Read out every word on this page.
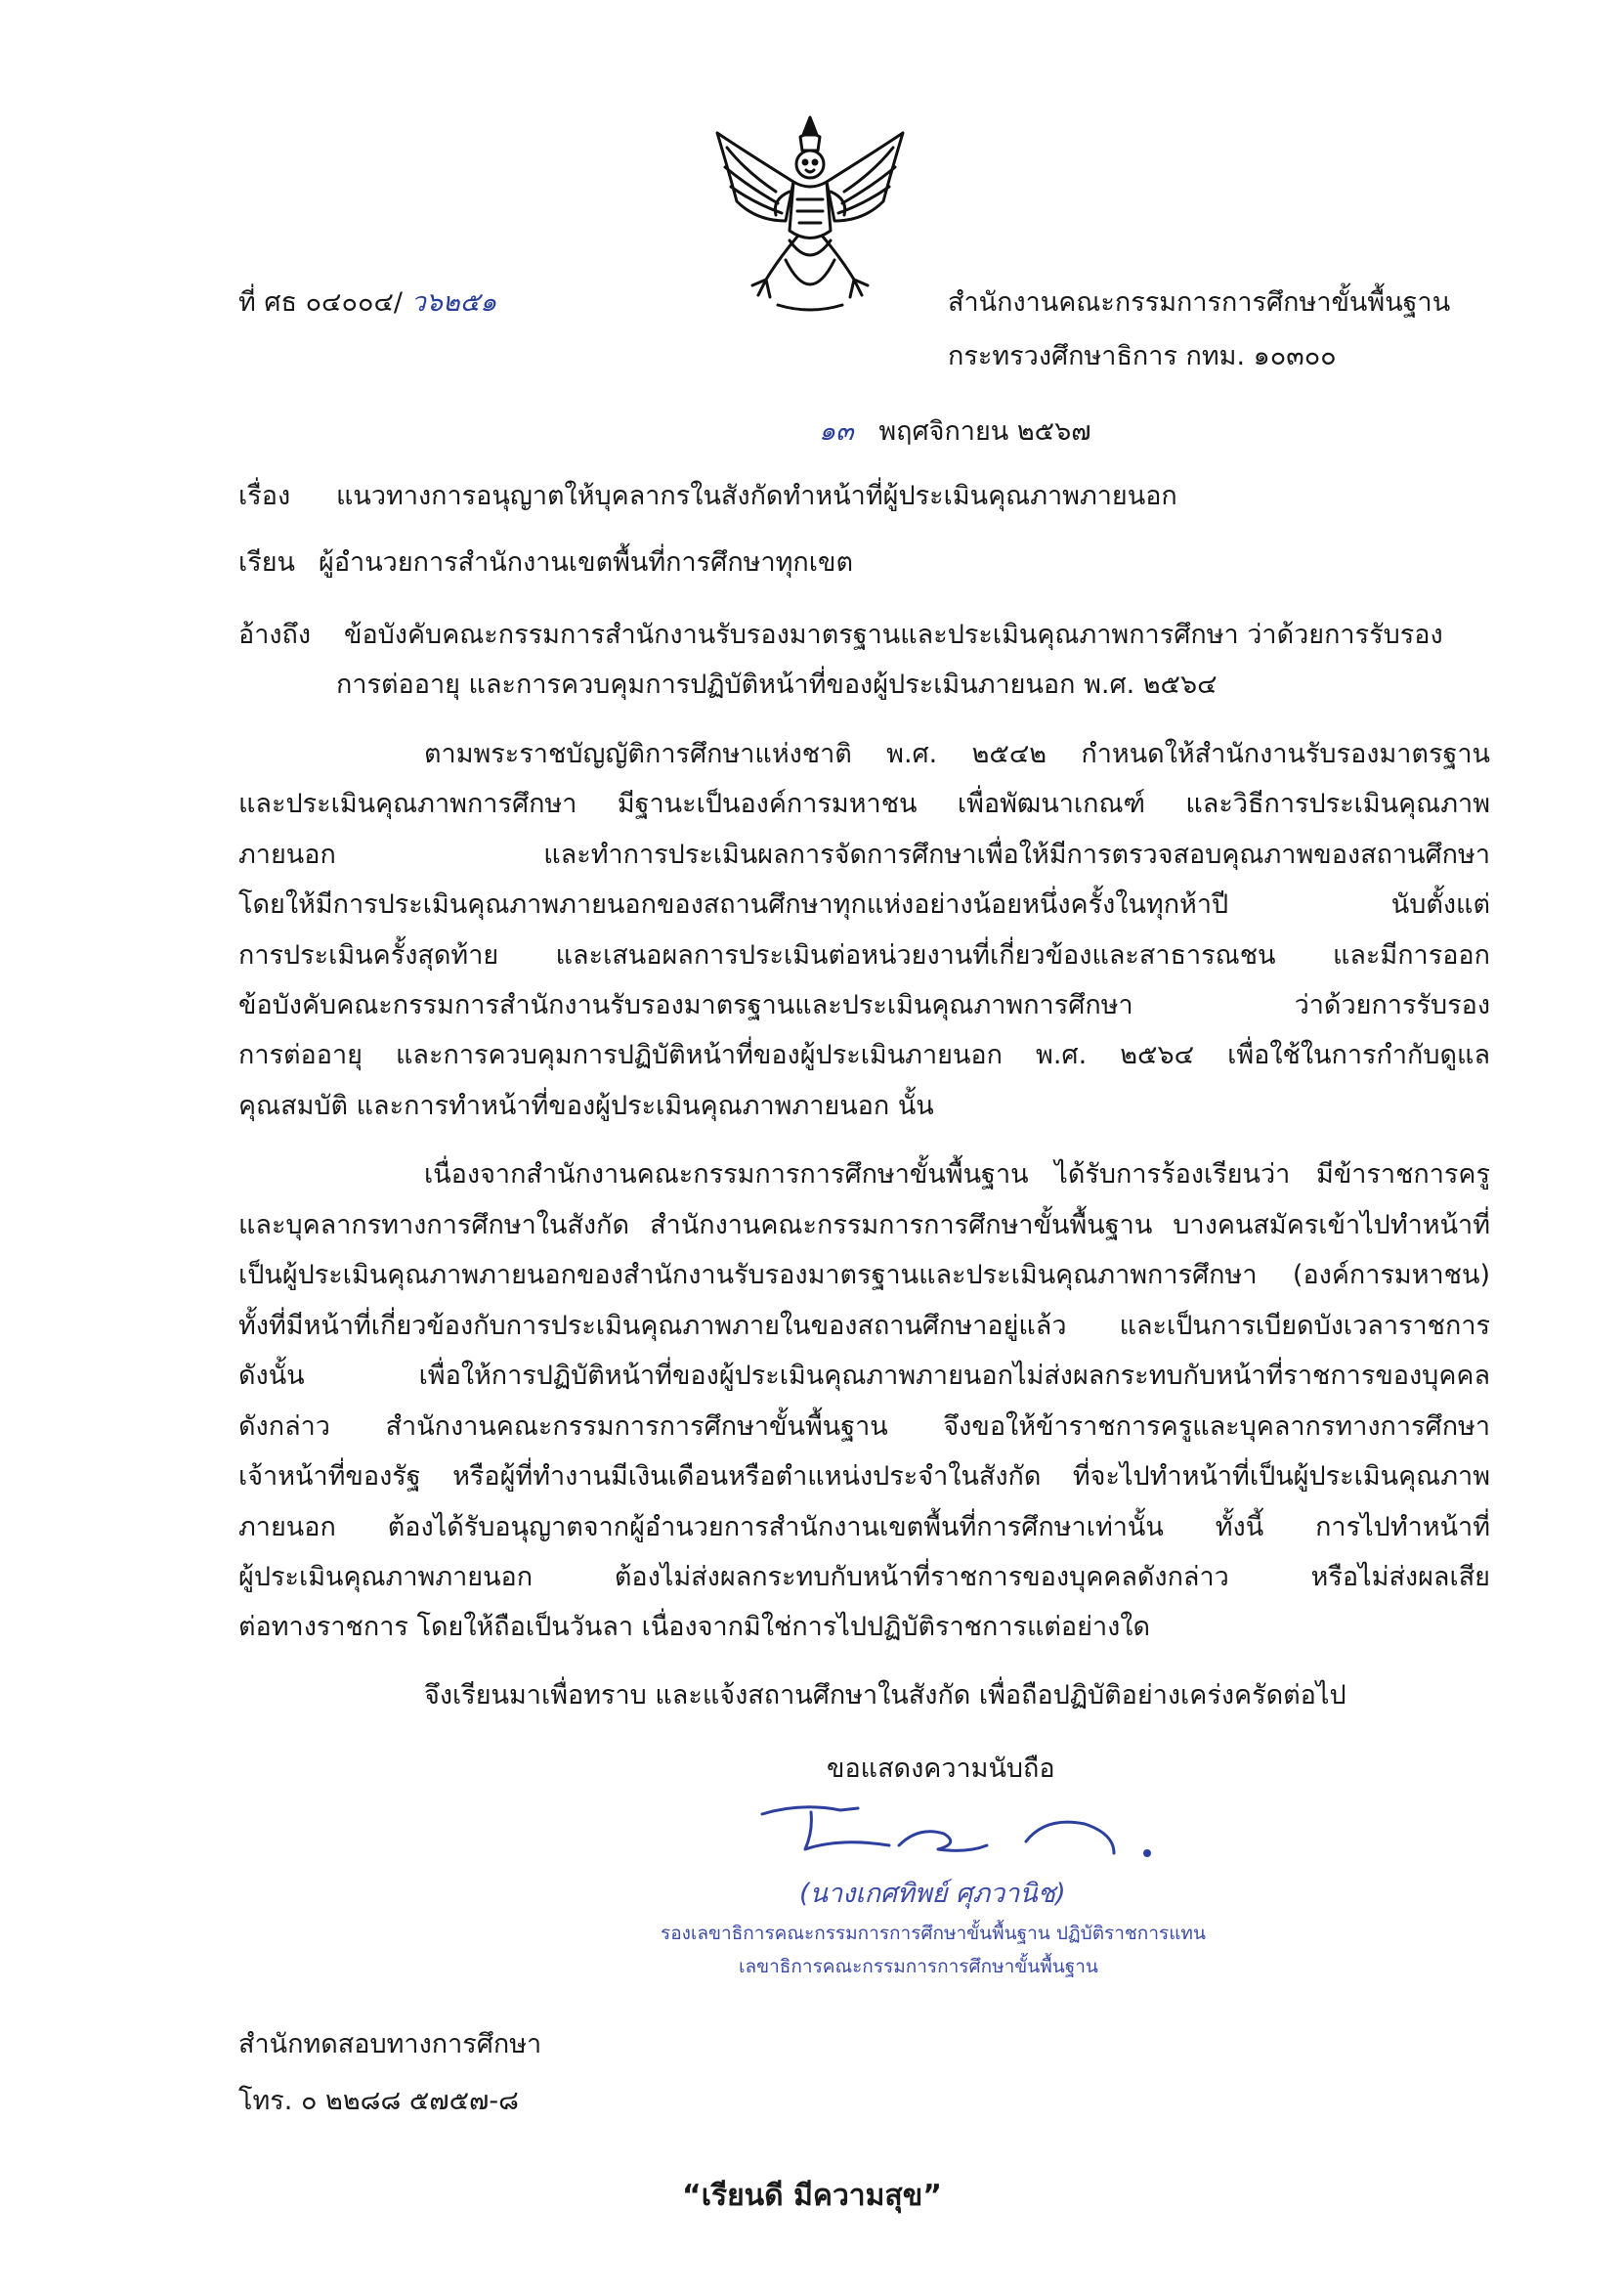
ที่ ศธ ๐๔๐๐๔/ ว๖๒๕๑	สำนักงานคณะกรรมการการศึกษาขั้นพื้นฐาน
กระทรวงศึกษาธิการ กทม. ๑๐๓๐๐
๑๓ พฤศจิกายน ๒๕๖๗
เรื่อง แนวทางการอนุญาตให้บุคลากรในสังกัดทำหน้าที่ผู้ประเมินคุณภาพภายนอก
เรียน ผู้อำนวยการสำนักงานเขตพื้นที่การศึกษาทุกเขต
อ้างถึง ข้อบังคับคณะกรรมการสำนักงานรับรองมาตรฐานและประเมินคุณภาพการศึกษา ว่าด้วยการรับรอง
การต่ออายุ และการควบคุมการปฏิบัติหน้าที่ของผู้ประเมินภายนอก พ.ศ. ๒๕๖๔
ตามพระราชบัญญัติการศึกษาแห่งชาติ พ.ศ. ๒๕๔๒ กำหนดให้สำนักงานรับรองมาตรฐาน
และประเมินคุณภาพการศึกษา มีฐานะเป็นองค์การมหาชน เพื่อพัฒนาเกณฑ์ และวิธีการประเมินคุณภาพ
ภายนอก และทำการประเมินผลการจัดการศึกษาเพื่อให้มีการตรวจสอบคุณภาพของสถานศึกษา
โดยให้มีการประเมินคุณภาพภายนอกของสถานศึกษาทุกแห่งอย่างน้อยหนึ่งครั้งในทุกห้าปี นับตั้งแต่
การประเมินครั้งสุดท้าย และเสนอผลการประเมินต่อหน่วยงานที่เกี่ยวข้องและสาธารณชน และมีการออก
ข้อบังคับคณะกรรมการสำนักงานรับรองมาตรฐานและประเมินคุณภาพการศึกษา ว่าด้วยการรับรอง
การต่ออายุ และการควบคุมการปฏิบัติหน้าที่ของผู้ประเมินภายนอก พ.ศ. ๒๕๖๔ เพื่อใช้ในการกำกับดูแล
คุณสมบัติ และการทำหน้าที่ของผู้ประเมินคุณภาพภายนอก นั้น
เนื่องจากสำนักงานคณะกรรมการการศึกษาขั้นพื้นฐาน ได้รับการร้องเรียนว่า มีข้าราชการครู
และบุคลากรทางการศึกษาในสังกัด สำนักงานคณะกรรมการการศึกษาขั้นพื้นฐาน บางคนสมัครเข้าไปทำหน้าที่
เป็นผู้ประเมินคุณภาพภายนอกของสำนักงานรับรองมาตรฐานและประเมินคุณภาพการศึกษา (องค์การมหาชน)
ทั้งที่มีหน้าที่เกี่ยวข้องกับการประเมินคุณภาพภายในของสถานศึกษาอยู่แล้ว และเป็นการเบียดบังเวลาราชการ
ดังนั้น เพื่อให้การปฏิบัติหน้าที่ของผู้ประเมินคุณภาพภายนอกไม่ส่งผลกระทบกับหน้าที่ราชการของบุคคล
ดังกล่าว สำนักงานคณะกรรมการการศึกษาขั้นพื้นฐาน จึงขอให้ข้าราชการครูและบุคลากรทางการศึกษา
เจ้าหน้าที่ของรัฐ หรือผู้ที่ทำงานมีเงินเดือนหรือตำแหน่งประจำในสังกัด ที่จะไปทำหน้าที่เป็นผู้ประเมินคุณภาพ
ภายนอก ต้องได้รับอนุญาตจากผู้อำนวยการสำนักงานเขตพื้นที่การศึกษาเท่านั้น ทั้งนี้ การไปทำหน้าที่
ผู้ประเมินคุณภาพภายนอก ต้องไม่ส่งผลกระทบกับหน้าที่ราชการของบุคคลดังกล่าว หรือไม่ส่งผลเสีย
ต่อทางราชการ โดยให้ถือเป็นวันลา เนื่องจากมิใช่การไปปฏิบัติราชการแต่อย่างใด
จึงเรียนมาเพื่อทราบ และแจ้งสถานศึกษาในสังกัด เพื่อถือปฏิบัติอย่างเคร่งครัดต่อไป
ขอแสดงความนับถือ
(นางเกศทิพย์ ศุภวานิช)
รองเลขาธิการคณะกรรมการการศึกษาขั้นพื้นฐาน ปฏิบัติราชการแทน
เลขาธิการคณะกรรมการการศึกษาขั้นพื้นฐาน
สำนักทดสอบทางการศึกษา
โทร. ๐ ๒๒๘๘ ๕๗๕๗-๘
“เรียนดี มีความสุข”
